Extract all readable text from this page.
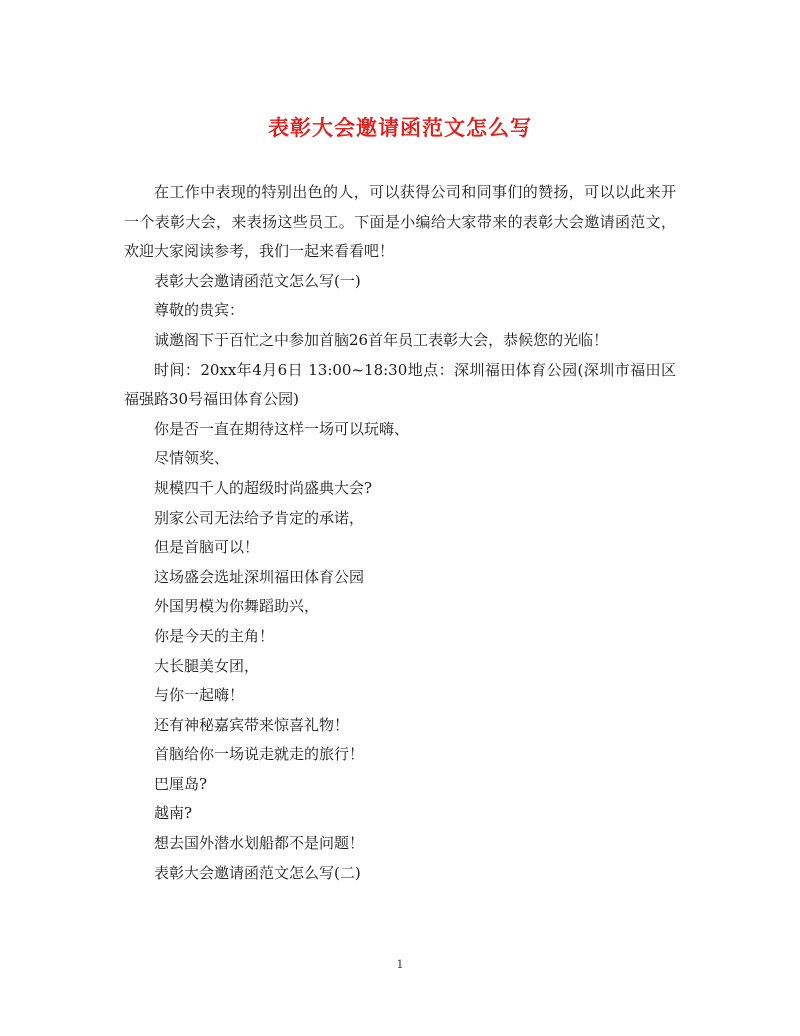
表彰大会邀请函范文怎么写

在工作中表现的特别出色的人，可以获得公司和同事们的赞扬，可以以此来开一个表彰大会，来表扬这些员工。下面是小编给大家带来的表彰大会邀请函范文，欢迎大家阅读参考，我们一起来看看吧！

表彰大会邀请函范文怎么写(一)

尊敬的贵宾：

诚邀阁下于百忙之中参加首脑26首年员工表彰大会，恭候您的光临！

时间：20xx年4月6日 13:00~18:30地点：深圳福田体育公园(深圳市福田区福强路30号福田体育公园)

你是否一直在期待这样一场可以玩嗨、

尽情领奖、

规模四千人的超级时尚盛典大会?

别家公司无法给予肯定的承诺，

但是首脑可以！

这场盛会选址深圳福田体育公园

外国男模为你舞蹈助兴，

你是今天的主角！

大长腿美女团，

与你一起嗨！

还有神秘嘉宾带来惊喜礼物！

首脑给你一场说走就走的旅行！

巴厘岛?

越南?

想去国外潜水划船都不是问题！

表彰大会邀请函范文怎么写(二)

1
